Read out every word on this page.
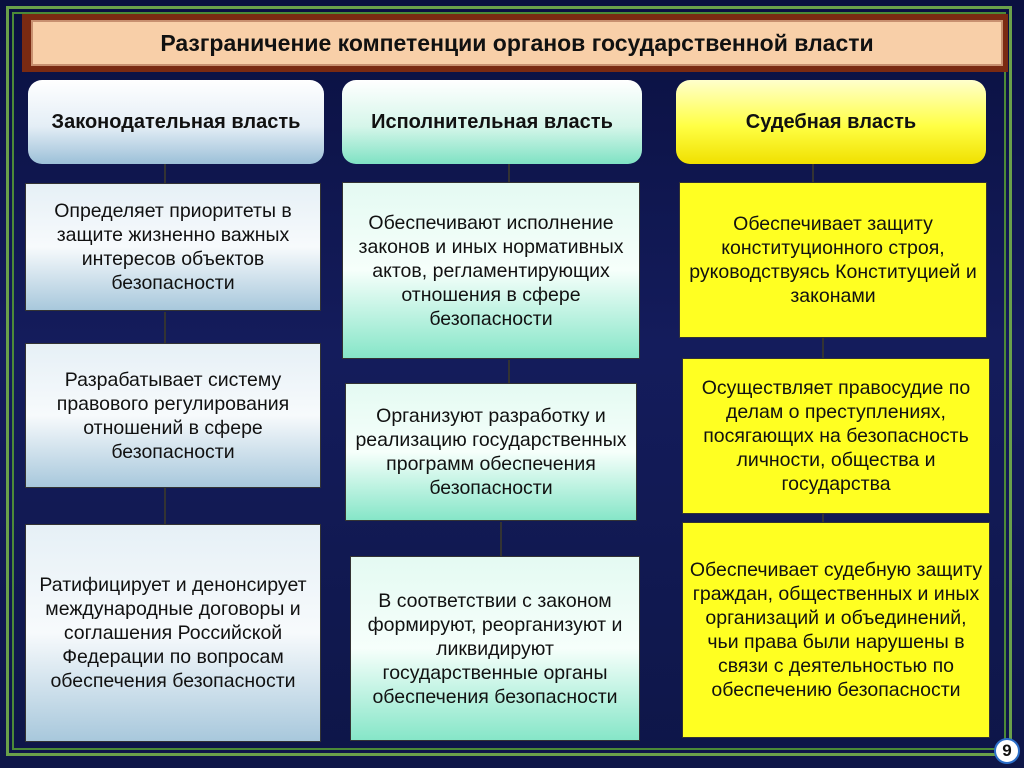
Разграничение компетенции органов государственной власти
Законодательная власть	Исполнительная власть	Судебная власть
Определяет приоритеты в защите жизненно важных интересов объектов безопасности
Разрабатывает систему правового регулирования отношений в сфере безопасности
Ратифицирует и денонсирует международные договоры и соглашения Российской Федерации по вопросам обеспечения безопасности
Обеспечивают исполнение законов и иных нормативных актов, регламентирующих отношения в сфере безопасности
Организуют разработку и реализацию государственных программ обеспечения безопасности
В соответствии с законом формируют, реорганизуют и ликвидируют государственные органы обеспечения безопасности
Обеспечивает защиту конституционного строя, руководствуясь Конституцией и законами
Осуществляет правосудие по делам о преступлениях, посягающих на безопасность личности, общества и государства
Обеспечивает судебную защиту граждан, общественных и иных организаций и объединений, чьи права были нарушены в связи с деятельностью по обеспечению безопасности
9
